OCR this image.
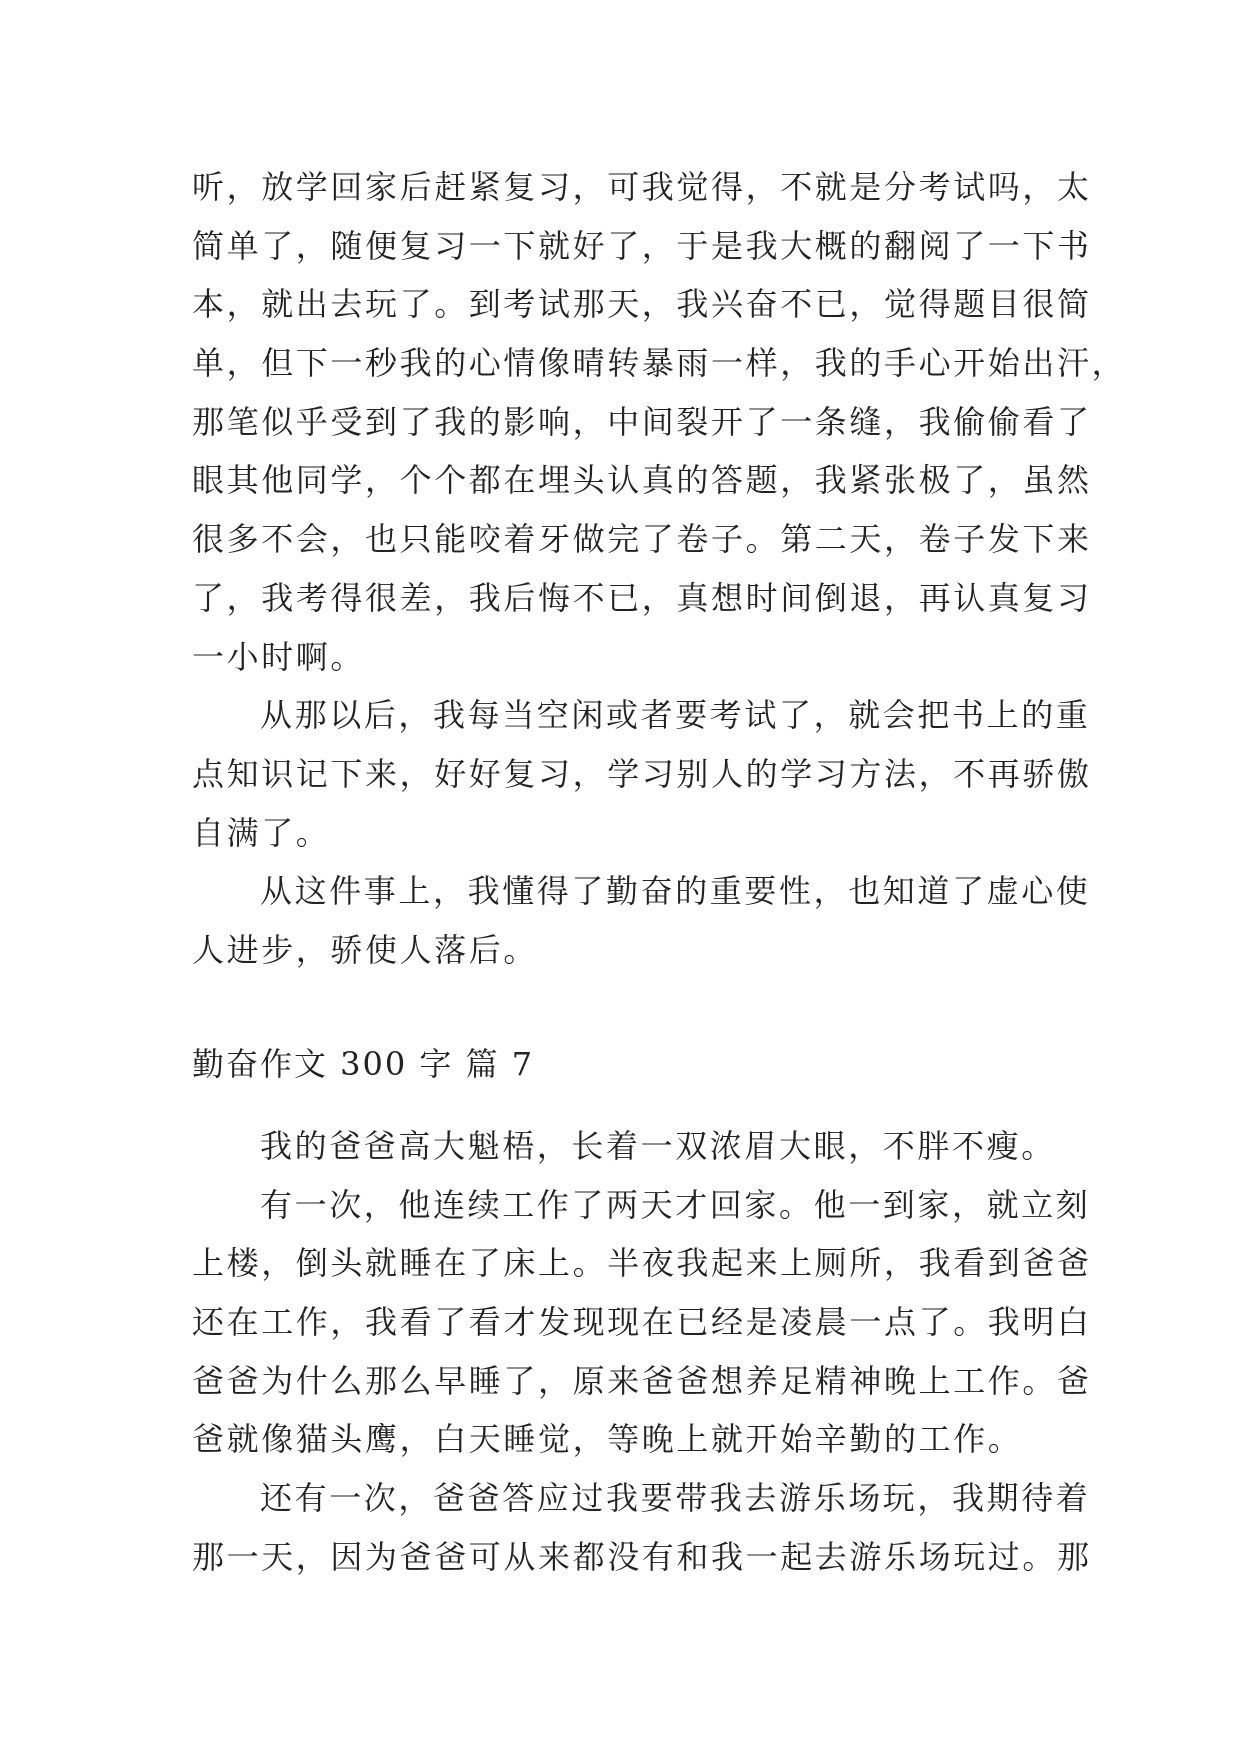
听，放学回家后赶紧复习，可我觉得，不就是分考试吗，太
简单了，随便复习一下就好了，于是我大概的翻阅了一下书
本，就出去玩了。到考试那天，我兴奋不已，觉得题目很简
单，但下一秒我的心情像晴转暴雨一样，我的手心开始出汗，
那笔似乎受到了我的影响，中间裂开了一条缝，我偷偷看了
眼其他同学，个个都在埋头认真的答题，我紧张极了，虽然
很多不会，也只能咬着牙做完了卷子。第二天，卷子发下来
了，我考得很差，我后悔不已，真想时间倒退，再认真复习
一小时啊。
从那以后，我每当空闲或者要考试了，就会把书上的重
点知识记下来，好好复习，学习别人的学习方法，不再骄傲
自满了。
从这件事上，我懂得了勤奋的重要性，也知道了虚心使
人进步，骄使人落后。
勤奋作文 300 字 篇 7
我的爸爸高大魁梧，长着一双浓眉大眼，不胖不瘦。
有一次，他连续工作了两天才回家。他一到家，就立刻
上楼，倒头就睡在了床上。半夜我起来上厕所，我看到爸爸
还在工作，我看了看才发现现在已经是凌晨一点了。我明白
爸爸为什么那么早睡了，原来爸爸想养足精神晚上工作。爸
爸就像猫头鹰，白天睡觉，等晚上就开始辛勤的工作。
还有一次，爸爸答应过我要带我去游乐场玩，我期待着
那一天，因为爸爸可从来都没有和我一起去游乐场玩过。那
